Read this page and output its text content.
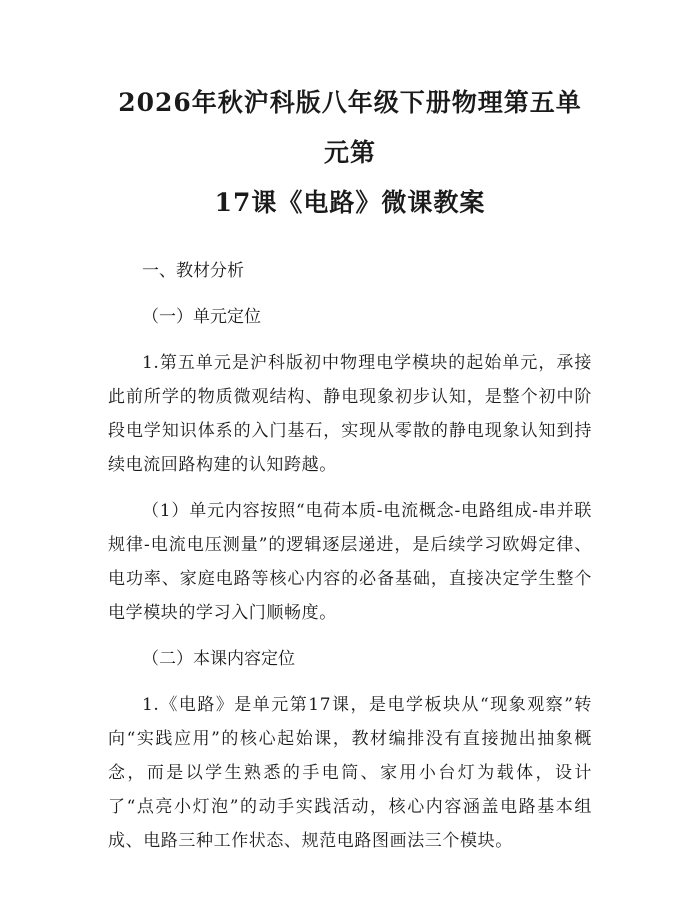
2026年秋沪科版八年级下册物理第五单元第
17课《电路》微课教案
一、教材分析
（一）单元定位

1.第五单元是沪科版初中物理电学模块的起始单元，承接此前所学的物质微观结构、静电现象初步认知，是整个初中阶段电学知识体系的入门基石，实现从零散的静电现象认知到持续电流回路构建的认知跨越。

（1）单元内容按照“电荷本质-电流概念-电路组成-串并联规律-电流电压测量”的逻辑逐层递进，是后续学习欧姆定律、电功率、家庭电路等核心内容的必备基础，直接决定学生整个电学模块的学习入门顺畅度。

（二）本课内容定位

1.《电路》是单元第17课，是电学板块从“现象观察”转向“实践应用”的核心起始课，教材编排没有直接抛出抽象概念，而是以学生熟悉的手电筒、家用小台灯为载体，设计了“点亮小灯泡”的动手实践活动，核心内容涵盖电路基本组成、电路三种工作状态、规范电路图画法三个模块。
